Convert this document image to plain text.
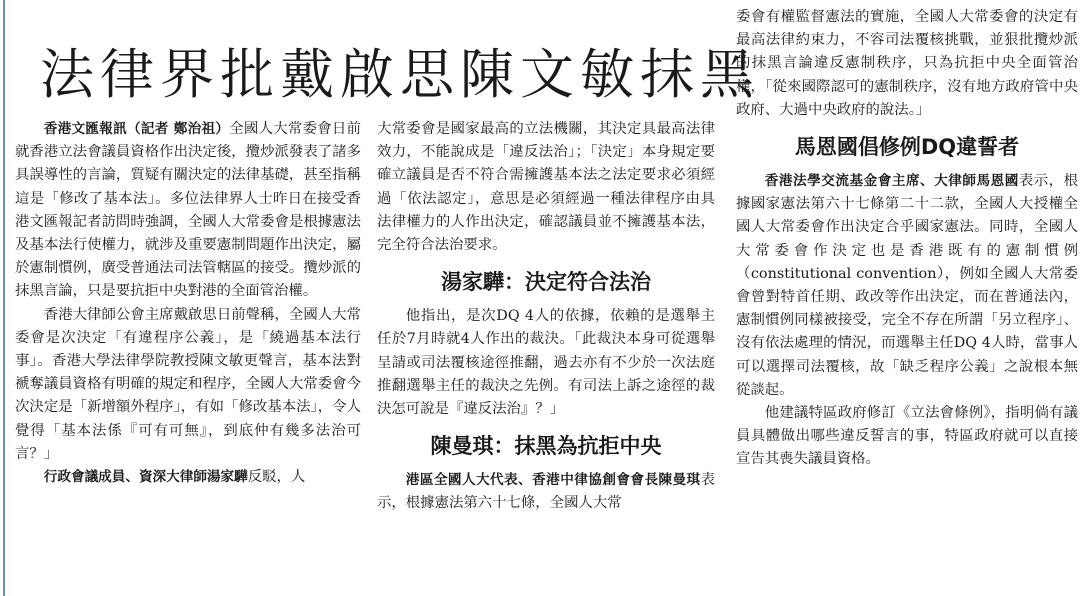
法律界批戴啟思陳文敏抹黑

香港文匯報訊（記者 鄭治祖）全國人大常委會日前就香港立法會議員資格作出決定後，攬炒派發表了諸多具誤導性的言論，質疑有關決定的法律基礎，甚至指稱這是「修改了基本法」。多位法律界人士昨日在接受香港文匯報記者訪問時強調，全國人大常委會是根據憲法及基本法行使權力，就涉及重要憲制問題作出決定，屬於憲制慣例，廣受普通法司法管轄區的接受。攬炒派的抹黑言論，只是要抗拒中央對港的全面管治權。

香港大律師公會主席戴啟思日前聲稱，全國人大常委會是次決定「有違程序公義」，是「繞過基本法行事」。香港大學法律學院教授陳文敏更聲言，基本法對褫奪議員資格有明確的規定和程序，全國人大常委會今次決定是「新增額外程序」，有如「修改基本法」，令人覺得「基本法係『可有可無』，到底仲有幾多法治可言？」

行政會議成員、資深大律師湯家驊反駁，人

大常委會是國家最高的立法機關，其決定具最高法律效力，不能說成是「違反法治」；「決定」本身規定要確立議員是否不符合需擁護基本法之法定要求必須經過「依法認定」，意思是必須經過一種法律程序由具法律權力的人作出決定，確認議員並不擁護基本法，完全符合法治要求。

湯家驊：決定符合法治

他指出，是次DQ 4人的依據，依賴的是選舉主任於7月時就4人作出的裁決。「此裁決本身可從選舉呈請或司法覆核途徑推翻，過去亦有不少於一次法庭推翻選舉主任的裁決之先例。有司法上訴之途徑的裁決怎可說是『違反法治』？」

陳曼琪：抹黑為抗拒中央

港區全國人大代表、香港中律協創會會長陳曼琪表示，根據憲法第六十七條，全國人大常

委會有權監督憲法的實施，全國人大常委會的決定有最高法律約束力，不容司法覆核挑戰，並狠批攬炒派的抹黑言論違反憲制秩序，只為抗拒中央全面管治權，「從來國際認可的憲制秩序，沒有地方政府管中央政府、大過中央政府的說法。」

馬恩國倡修例DQ違誓者

香港法學交流基金會主席、大律師馬恩國表示，根據國家憲法第六十七條第二十二款，全國人大授權全國人大常委會作出決定合乎國家憲法。同時，全國人大常委會作決定也是香港既有的憲制慣例（constitutional convention），例如全國人大常委會曾對特首任期、政改等作出決定，而在普通法內，憲制慣例同樣被接受，完全不存在所謂「另立程序」、沒有依法處理的情況，而選舉主任DQ 4人時，當事人可以選擇司法覆核，故「缺乏程序公義」之說根本無從談起。

他建議特區政府修訂《立法會條例》，指明倘有議員具體做出哪些違反誓言的事，特區政府就可以直接宣告其喪失議員資格。
